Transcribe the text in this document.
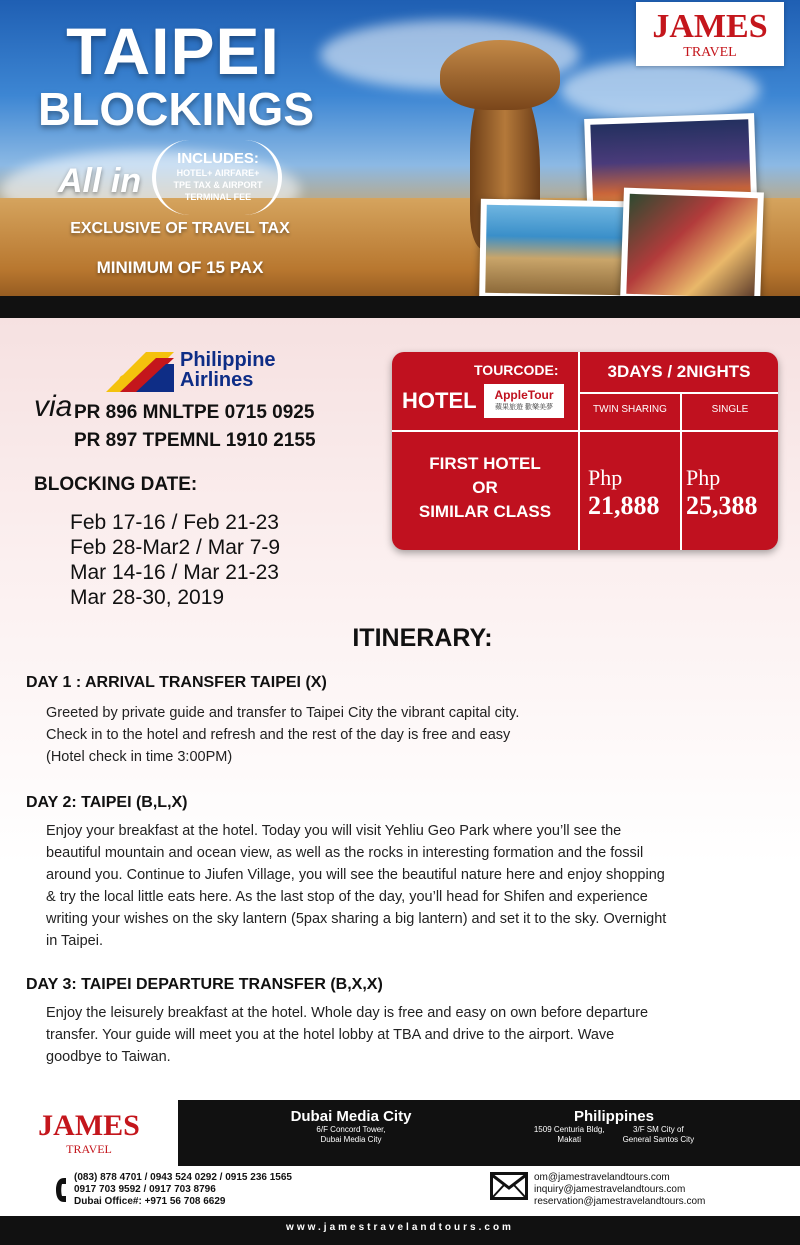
TAIPEI
BLOCKINGS
All in
INCLUDES:
HOTEL+ AIRFARE+
TPE TAX & AIRPORT
TERMINAL FEE
EXCLUSIVE OF TRAVEL TAX
MINIMUM OF 15 PAX
JAMES
TRAVEL
Philippine
Airlines
via PR 896 MNLTPE 0715 0925
PR 897 TPEMNL 1910 2155
BLOCKING DATE:
Feb 17-16 / Feb 21-23
Feb 28-Mar2 / Mar 7-9
Mar 14-16 / Mar 21-23
Mar 28-30, 2019
HOTEL
TOURCODE:
AppleTour
蘋果旅遊 歡樂美夢
3DAYS / 2NIGHTS
TWIN SHARING	SINGLE
FIRST HOTEL
OR
SIMILAR CLASS
Php
21,888
Php
25,388
ITINERARY:
DAY 1 : ARRIVAL TRANSFER TAIPEI (X)
Greeted by private guide and transfer to Taipei City the vibrant capital city.
Check in to the hotel and refresh and the rest of the day is free and easy
(Hotel check in time 3:00PM)
DAY 2: TAIPEI (B,L,X)
Enjoy your breakfast at the hotel. Today you will visit Yehliu Geo Park where you’ll see the
beautiful mountain and ocean view, as well as the rocks in interesting formation and the fossil
around you. Continue to Jiufen Village, you will see the beautiful nature here and enjoy shopping
& try the local little eats here. As the last stop of the day, you’ll head for Shifen and experience
writing your wishes on the sky lantern (5pax sharing a big lantern) and set it to the sky. Overnight
in Taipei.
DAY 3: TAIPEI DEPARTURE TRANSFER (B,X,X)
Enjoy the leisurely breakfast at the hotel. Whole day is free and easy on own before departure
transfer. Your guide will meet you at the hotel lobby at TBA and drive to the airport. Wave
goodbye to Taiwan.
JAMES
TRAVEL
Dubai Media City
6/F Concord Tower,
Dubai Media City
Philippines
1509 Centuria Bldg,
Makati
3/F SM City of
General Santos City
(083) 878 4701 / 0943 524 0292 / 0915 236 1565
0917 703 9592 / 0917 703 8796
Dubai Office#: +971 56 708 6629
om@jamestravelandtours.com
inquiry@jamestravelandtours.com
reservation@jamestravelandtours.com
www.jamestravelandtours.com
